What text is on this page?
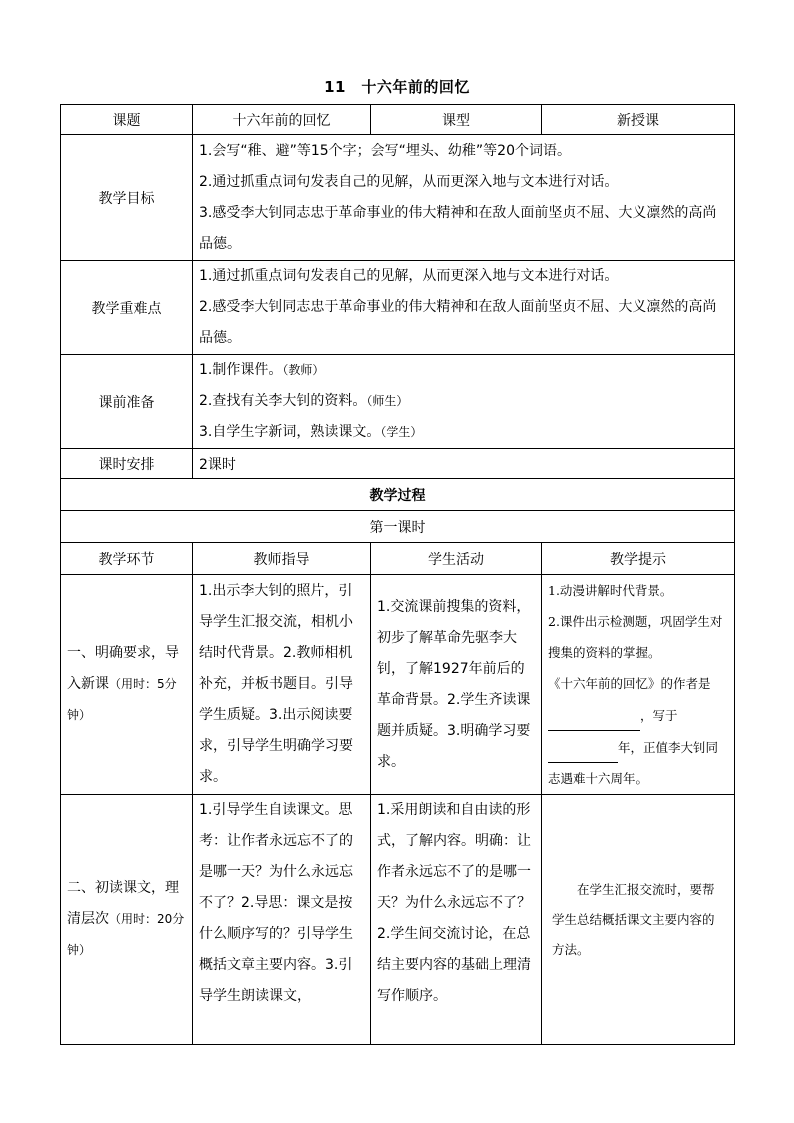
11　十六年前的回忆
课题	十六年前的回忆	课型	新授课
教学目标	1.会写“稚、避”等15个字；会写“埋头、幼稚”等20个词语。

2.通过抓重点词句发表自己的见解，从而更深入地与文本进行对话。

3.感受李大钊同志忠于革命事业的伟大精神和在敌人面前坚贞不屈、大义凛然的高尚品德。		

教学重难点	1.通过抓重点词句发表自己的见解，从而更深入地与文本进行对话。

2.感受李大钊同志忠于革命事业的伟大精神和在敌人面前坚贞不屈、大义凛然的高尚品德。		

课前准备	1.制作课件。（教师）

2.查找有关李大钊的资料。（师生）

3.自学生字新词，熟读课文。（学生）		

课时安排	2课时		
教学过程			
第一课时			
教学环节	教师指导	学生活动	教学提示
一、明确要求，导入新课（用时：5分钟）	1.出示李大钊的照片，引导学生汇报交流，相机小结时代背景。2.教师相机补充，并板书题目。引导学生质疑。3.出示阅读要求，引导学生明确学习要求。	1.交流课前搜集的资料，初步了解革命先驱李大钊，了解1927年前后的革命背景。2.学生齐读课题并质疑。3.明确学习要求。	1.动漫讲解时代背景。

2.课件出示检测题，巩固学生对搜集的资料的掌握。

《十六年前的回忆》的作者是 ，写于

年，正值李大钊同志遇难十六周年。

二、初读课文，理清层次（用时：20分钟）	1.引导学生自读课文。思考：让作者永远忘不了的是哪一天？为什么永远忘不了？2.导思：课文是按什么顺序写的？引导学生概括文章主要内容。3.引导学生朗读课文，	1.采用朗读和自由读的形式，了解内容。明确：让作者永远忘不了的是哪一天？为什么永远忘不了？2.学生间交流讨论，在总结主要内容的基础上理清写作顺序。	在学生汇报交流时，要帮学生总结概括课文主要内容的方法。
